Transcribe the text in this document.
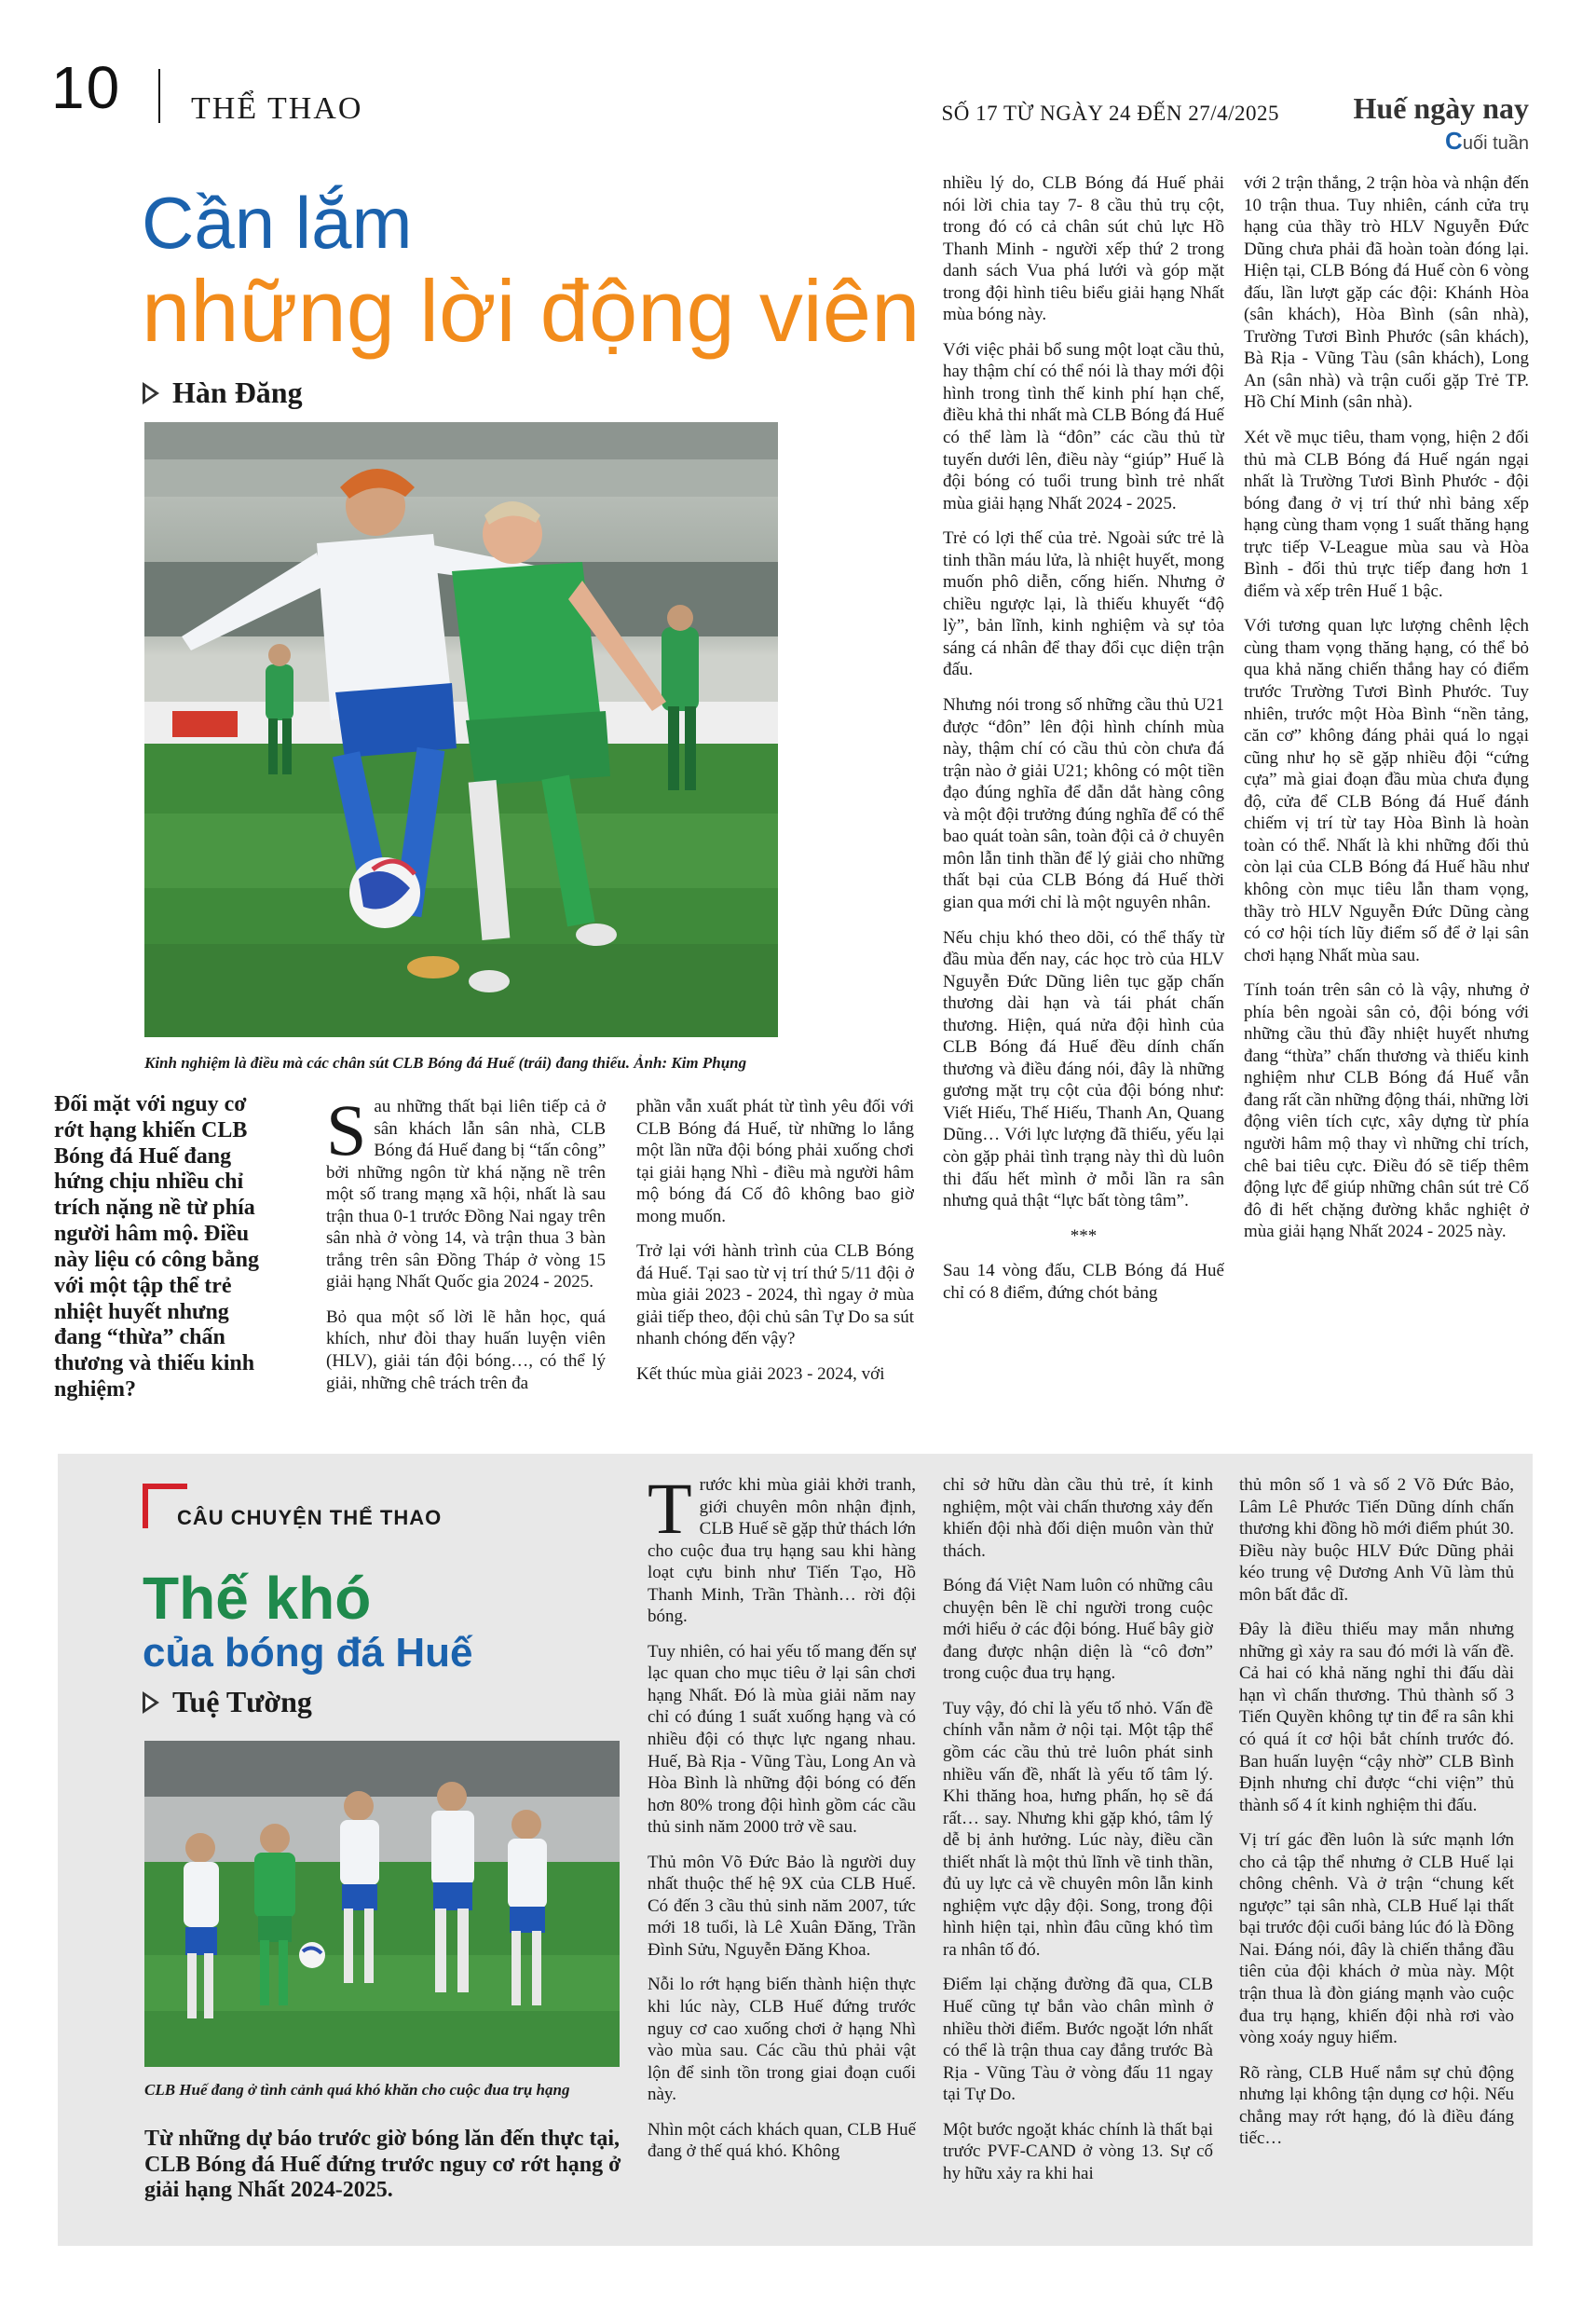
10 THỂ THAO	SỐ 17 TỪ NGÀY 24 ĐẾN 27/4/2025 Huế ngày nay
Cuối tuần
Cần lắm
những lời động viên
Hàn Đăng
Kinh nghiệm là điều mà các chân sút CLB Bóng đá Huế (trái) đang thiếu. Ảnh: Kim Phụng
Đối mặt với nguy cơ rớt hạng khiến CLB Bóng đá Huế đang hứng chịu nhiều chỉ trích nặng nề từ phía người hâm mộ. Điều này liệu có công bằng với một tập thể trẻ nhiệt huyết nhưng đang “thừa” chấn thương và thiếu kinh nghiệm?

Sau những thất bại liên tiếp cả ở sân khách lẫn sân nhà, CLB Bóng đá Huế đang bị “tấn công” bởi những ngôn từ khá nặng nề trên một số trang mạng xã hội, nhất là sau trận thua 0-1 trước Đồng Nai ngay trên sân nhà ở vòng 14, và trận thua 3 bàn trắng trên sân Đồng Tháp ở vòng 15 giải hạng Nhất Quốc gia 2024 - 2025.

Bỏ qua một số lời lẽ hằn học, quá khích, như đòi thay huấn luyện viên (HLV), giải tán đội bóng…, có thể lý giải, những chê trách trên đa

phần vẫn xuất phát từ tình yêu đối với CLB Bóng đá Huế, từ những lo lắng một lần nữa đội bóng phải xuống chơi tại giải hạng Nhì - điều mà người hâm mộ bóng đá Cố đô không bao giờ mong muốn.

Trở lại với hành trình của CLB Bóng đá Huế. Tại sao từ vị trí thứ 5/11 đội ở mùa giải 2023 - 2024, thì ngay ở mùa giải tiếp theo, đội chủ sân Tự Do sa sút nhanh chóng đến vậy?

Kết thúc mùa giải 2023 - 2024, với

nhiều lý do, CLB Bóng đá Huế phải nói lời chia tay 7- 8 cầu thủ trụ cột, trong đó có cả chân sút chủ lực Hồ Thanh Minh - người xếp thứ 2 trong danh sách Vua phá lưới và góp mặt trong đội hình tiêu biểu giải hạng Nhất mùa bóng này.

Với việc phải bổ sung một loạt cầu thủ, hay thậm chí có thể nói là thay mới đội hình trong tình thế kinh phí hạn chế, điều khả thi nhất mà CLB Bóng đá Huế có thể làm là “đôn” các cầu thủ từ tuyến dưới lên, điều này “giúp” Huế là đội bóng có tuổi trung bình trẻ nhất mùa giải hạng Nhất 2024 - 2025.

Trẻ có lợi thế của trẻ. Ngoài sức trẻ là tinh thần máu lửa, là nhiệt huyết, mong muốn phô diễn, cống hiến. Nhưng ở chiều ngược lại, là thiếu khuyết “độ lỳ”, bản lĩnh, kinh nghiệm và sự tỏa sáng cá nhân để thay đổi cục diện trận đấu.

Nhưng nói trong số những cầu thủ U21 được “đôn” lên đội hình chính mùa này, thậm chí có cầu thủ còn chưa đá trận nào ở giải U21; không có một tiền đạo đúng nghĩa để dẫn dắt hàng công và một đội trưởng đúng nghĩa để có thể bao quát toàn sân, toàn đội cả ở chuyên môn lẫn tinh thần để lý giải cho những thất bại của CLB Bóng đá Huế thời gian qua mới chỉ là một nguyên nhân.

Nếu chịu khó theo dõi, có thể thấy từ đầu mùa đến nay, các học trò của HLV Nguyễn Đức Dũng liên tục gặp chấn thương dài hạn và tái phát chấn thương. Hiện, quá nửa đội hình của CLB Bóng đá Huế đều dính chấn thương và điều đáng nói, đây là những gương mặt trụ cột của đội bóng như: Viết Hiếu, Thế Hiếu, Thanh An, Quang Dũng… Với lực lượng đã thiếu, yếu lại còn gặp phải tình trạng này thì dù luôn thi đấu hết mình ở mỗi lần ra sân nhưng quả thật “lực bất tòng tâm”.

***

Sau 14 vòng đấu, CLB Bóng đá Huế chỉ có 8 điểm, đứng chót bảng

với 2 trận thắng, 2 trận hòa và nhận đến 10 trận thua. Tuy nhiên, cánh cửa trụ hạng của thầy trò HLV Nguyễn Đức Dũng chưa phải đã hoàn toàn đóng lại. Hiện tại, CLB Bóng đá Huế còn 6 vòng đấu, lần lượt gặp các đội: Khánh Hòa (sân khách), Hòa Bình (sân nhà), Trường Tươi Bình Phước (sân khách), Bà Rịa - Vũng Tàu (sân khách), Long An (sân nhà) và trận cuối gặp Trẻ TP. Hồ Chí Minh (sân nhà).

Xét về mục tiêu, tham vọng, hiện 2 đối thủ mà CLB Bóng đá Huế ngán ngại nhất là Trường Tươi Bình Phước - đội bóng đang ở vị trí thứ nhì bảng xếp hạng cùng tham vọng 1 suất thăng hạng trực tiếp V-League mùa sau và Hòa Bình - đối thủ trực tiếp đang hơn 1 điểm và xếp trên Huế 1 bậc.

Với tương quan lực lượng chênh lệch cùng tham vọng thăng hạng, có thể bỏ qua khả năng chiến thắng hay có điểm trước Trường Tươi Bình Phước. Tuy nhiên, trước một Hòa Bình “nền tảng, căn cơ” không đáng phải quá lo ngại cũng như họ sẽ gặp nhiều đội “cứng cựa” mà giai đoạn đầu mùa chưa đụng độ, cửa để CLB Bóng đá Huế đánh chiếm vị trí từ tay Hòa Bình là hoàn toàn có thể. Nhất là khi những đối thủ còn lại của CLB Bóng đá Huế hầu như không còn mục tiêu lẫn tham vọng, thầy trò HLV Nguyễn Đức Dũng càng có cơ hội tích lũy điểm số để ở lại sân chơi hạng Nhất mùa sau.

Tính toán trên sân cỏ là vậy, nhưng ở phía bên ngoài sân cỏ, đội bóng với những cầu thủ đầy nhiệt huyết nhưng đang “thừa” chấn thương và thiếu kinh nghiệm như CLB Bóng đá Huế vẫn đang rất cần những động thái, những lời động viên tích cực, xây dựng từ phía người hâm mộ thay vì những chỉ trích, chê bai tiêu cực. Điều đó sẽ tiếp thêm động lực để giúp những chân sút trẻ Cố đô đi hết chặng đường khắc nghiệt ở mùa giải hạng Nhất 2024 - 2025 này.

CÂU CHUYỆN THỂ THAO
Thế khó
của bóng đá Huế
Tuệ Tường
CLB Huế đang ở tình cảnh quá khó khăn cho cuộc đua trụ hạng
Từ những dự báo trước giờ bóng lăn đến thực tại, CLB Bóng đá Huế đứng trước nguy cơ rớt hạng ở giải hạng Nhất 2024-2025.

Trước khi mùa giải khởi tranh, giới chuyên môn nhận định, CLB Huế sẽ gặp thử thách lớn cho cuộc đua trụ hạng sau khi hàng loạt cựu binh như Tiến Tạo, Hồ Thanh Minh, Trần Thành… rời đội bóng.

Tuy nhiên, có hai yếu tố mang đến sự lạc quan cho mục tiêu ở lại sân chơi hạng Nhất. Đó là mùa giải năm nay chỉ có đúng 1 suất xuống hạng và có nhiều đội có thực lực ngang nhau. Huế, Bà Rịa - Vũng Tàu, Long An và Hòa Bình là những đội bóng có đến hơn 80% trong đội hình gồm các cầu thủ sinh năm 2000 trở về sau.

Thủ môn Võ Đức Bảo là người duy nhất thuộc thế hệ 9X của CLB Huế. Có đến 3 cầu thủ sinh năm 2007, tức mới 18 tuổi, là Lê Xuân Đăng, Trần Đình Sửu, Nguyễn Đăng Khoa.

Nỗi lo rớt hạng biến thành hiện thực khi lúc này, CLB Huế đứng trước nguy cơ cao xuống chơi ở hạng Nhì vào mùa sau. Các cầu thủ phải vật lộn để sinh tồn trong giai đoạn cuối này.

Nhìn một cách khách quan, CLB Huế đang ở thế quá khó. Không

chỉ sở hữu dàn cầu thủ trẻ, ít kinh nghiệm, một vài chấn thương xảy đến khiến đội nhà đối diện muôn vàn thử thách.

Bóng đá Việt Nam luôn có những câu chuyện bên lề chỉ người trong cuộc mới hiểu ở các đội bóng. Huế bây giờ đang được nhận diện là “cô đơn” trong cuộc đua trụ hạng.

Tuy vậy, đó chỉ là yếu tố nhỏ. Vấn đề chính vẫn nằm ở nội tại. Một tập thể gồm các cầu thủ trẻ luôn phát sinh nhiều vấn đề, nhất là yếu tố tâm lý. Khi thăng hoa, hưng phấn, họ sẽ đá rất… say. Nhưng khi gặp khó, tâm lý dễ bị ảnh hưởng. Lúc này, điều cần thiết nhất là một thủ lĩnh về tinh thần, đủ uy lực cả về chuyên môn lẫn kinh nghiệm vực dậy đội. Song, trong đội hình hiện tại, nhìn đâu cũng khó tìm ra nhân tố đó.

Điểm lại chặng đường đã qua, CLB Huế cũng tự bắn vào chân mình ở nhiều thời điểm. Bước ngoặt lớn nhất có thể là trận thua cay đắng trước Bà Rịa - Vũng Tàu ở vòng đấu 11 ngay tại Tự Do.

Một bước ngoặt khác chính là thất bại trước PVF-CAND ở vòng 13. Sự cố hy hữu xảy ra khi hai

thủ môn số 1 và số 2 Võ Đức Bảo, Lâm Lê Phước Tiến Dũng dính chấn thương khi đồng hồ mới điểm phút 30. Điều này buộc HLV Đức Dũng phải kéo trung vệ Dương Anh Vũ làm thủ môn bất đắc dĩ.

Đây là điều thiếu may mắn nhưng những gì xảy ra sau đó mới là vấn đề. Cả hai có khả năng nghỉ thi đấu dài hạn vì chấn thương. Thủ thành số 3 Tiến Quyền không tự tin để ra sân khi có quá ít cơ hội bắt chính trước đó. Ban huấn luyện “cậy nhờ” CLB Bình Định nhưng chỉ được “chi viện” thủ thành số 4 ít kinh nghiệm thi đấu.

Vị trí gác đền luôn là sức mạnh lớn cho cả tập thể nhưng ở CLB Huế lại chông chênh. Và ở trận “chung kết ngược” tại sân nhà, CLB Huế lại thất bại trước đội cuối bảng lúc đó là Đồng Nai. Đáng nói, đây là chiến thắng đầu tiên của đội khách ở mùa này. Một trận thua là đòn giáng mạnh vào cuộc đua trụ hạng, khiến đội nhà rơi vào vòng xoáy nguy hiểm.

Rõ ràng, CLB Huế nắm sự chủ động nhưng lại không tận dụng cơ hội. Nếu chẳng may rớt hạng, đó là điều đáng tiếc…
